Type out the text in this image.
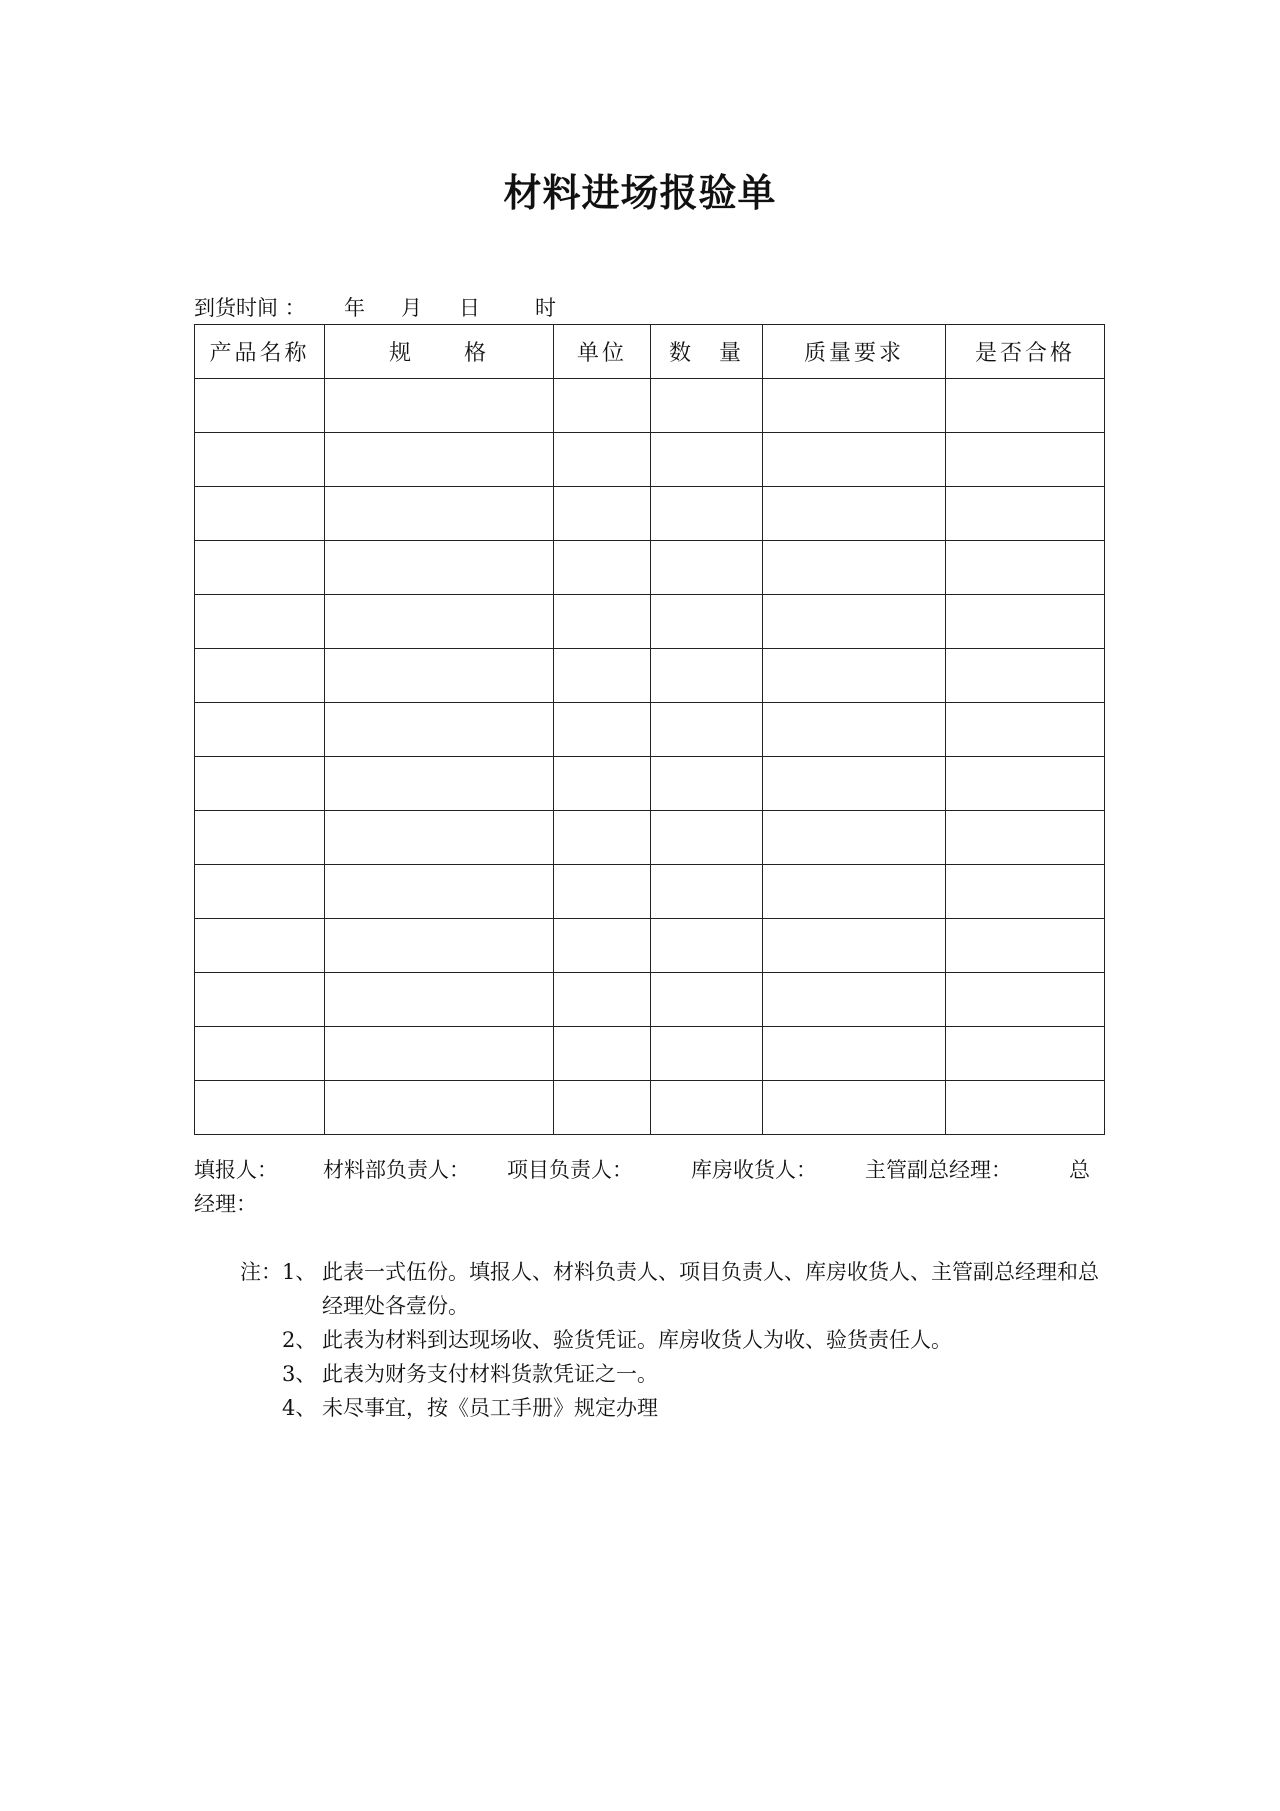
材料进场报验单
到货时间 ： 年 月 日	时
产品名称	规　　格	单位	数　量	质量要求	是否合格

填报人： 材料部负责人： 项目负责人：	库房收货人： 主管副总经理：	总
经理：
注： 1、 此表一式伍份。填报人、材料负责人、项目负责人、库房收货人、主管副总经理和总经理处各壹份。
2、 此表为材料到达现场收、验货凭证。库房收货人为收、验货责任人。
3、 此表为财务支付材料货款凭证之一。
4、 未尽事宜，按《员工手册》规定办理
